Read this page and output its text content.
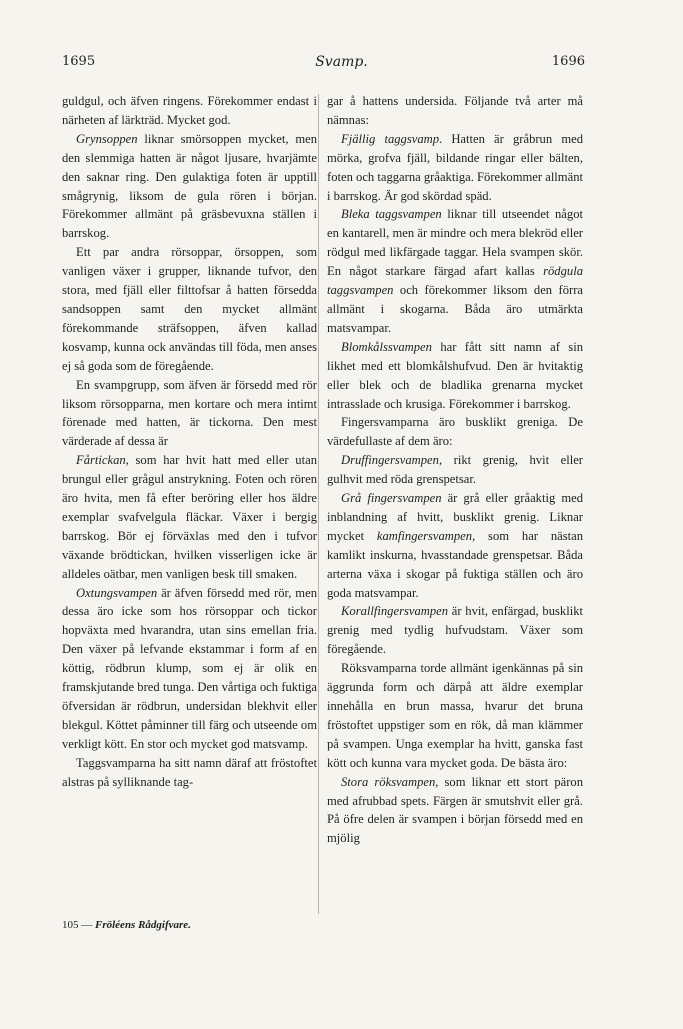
1695	Svamp.	1696

guldgul, och äfven ringens. Förekommer endast i närheten af lärkträd. Mycket god.

Grynsoppen liknar smörsoppen mycket, men den slemmiga hatten är något ljusare, hvarjämte den saknar ring. Den gulaktiga foten är upptill smågrynig, liksom de gula rören i början. Förekommer allmänt på gräsbevuxna ställen i barrskog.

Ett par andra rörsoppar, örsoppen, som vanligen växer i grupper, liknande tufvor, den stora, med fjäll eller filttofsar å hatten försedda sandsoppen samt den mycket allmänt förekommande sträfsoppen, äfven kallad kosvamp, kunna ock användas till föda, men anses ej så goda som de föregående.

En svampgrupp, som äfven är försedd med rör liksom rörsopparna, men kortare och mera intimt förenade med hatten, är tickorna. Den mest värderade af dessa är

Fårtickan, som har hvit hatt med eller utan brungul eller grågul anstrykning. Foten och rören äro hvita, men få efter beröring eller hos äldre exemplar svafvelgula fläckar. Växer i bergig barrskog. Bör ej förväxlas med den i tufvor växande brödtickan, hvilken visserligen icke är alldeles oätbar, men vanligen besk till smaken.

Oxtungsvampen är äfven försedd med rör, men dessa äro icke som hos rörsoppar och tickor hopväxta med hvarandra, utan sins emellan fria. Den växer på lefvande ekstammar i form af en köttig, rödbrun klump, som ej är olik en framskjutande bred tunga. Den vårtiga och fuktiga öfversidan är rödbrun, undersidan blekhvit eller blekgul. Köttet påminner till färg och utseende om verkligt kött. En stor och mycket god matsvamp.

Taggsvamparna ha sitt namn däraf att fröstoftet alstras på sylliknande tag-

gar å hattens undersida. Följande två arter må nämnas:

Fjällig taggsvamp. Hatten är gråbrun med mörka, grofva fjäll, bildande ringar eller bälten, foten och taggarna gråaktiga. Förekommer allmänt i barrskog. Är god skördad späd.

Bleka taggsvampen liknar till utseendet något en kantarell, men är mindre och mera blekröd eller rödgul med likfärgade taggar. Hela svampen skör. En något starkare färgad afart kallas rödgula taggsvampen och förekommer liksom den förra allmänt i skogarna. Båda äro utmärkta matsvampar.

Blomkålssvampen har fått sitt namn af sin likhet med ett blomkålshufvud. Den är hvitaktig eller blek och de bladlika grenarna mycket intrasslade och krusiga. Förekommer i barrskog.

Fingersvamparna äro busklikt greniga. De värdefullaste af dem äro:

Druffingersvampen, rikt grenig, hvit eller gulhvit med röda grenspetsar.

Grå fingersvampen är grå eller gråaktig med inblandning af hvitt, busklikt grenig. Liknar mycket kamfingersvampen, som har nästan kamlikt inskurna, hvasstandade grenspetsar. Båda arterna växa i skogar på fuktiga ställen och äro goda matsvampar.

Korallfingersvampen är hvit, enfärgad, busklikt grenig med tydlig hufvudstam. Växer som föregående.

Röksvamparna torde allmänt igenkännas på sin äggrunda form och därpå att äldre exemplar innehålla en brun massa, hvarur det bruna fröstoftet uppstiger som en rök, då man klämmer på svampen. Unga exemplar ha hvitt, ganska fast kött och kunna vara mycket goda. De bästa äro:

Stora röksvampen, som liknar ett stort päron med afrubbad spets. Färgen är smutshvit eller grå. På öfre delen är svampen i början försedd med en mjölig

105 — Fröléens Rådgifvare.
